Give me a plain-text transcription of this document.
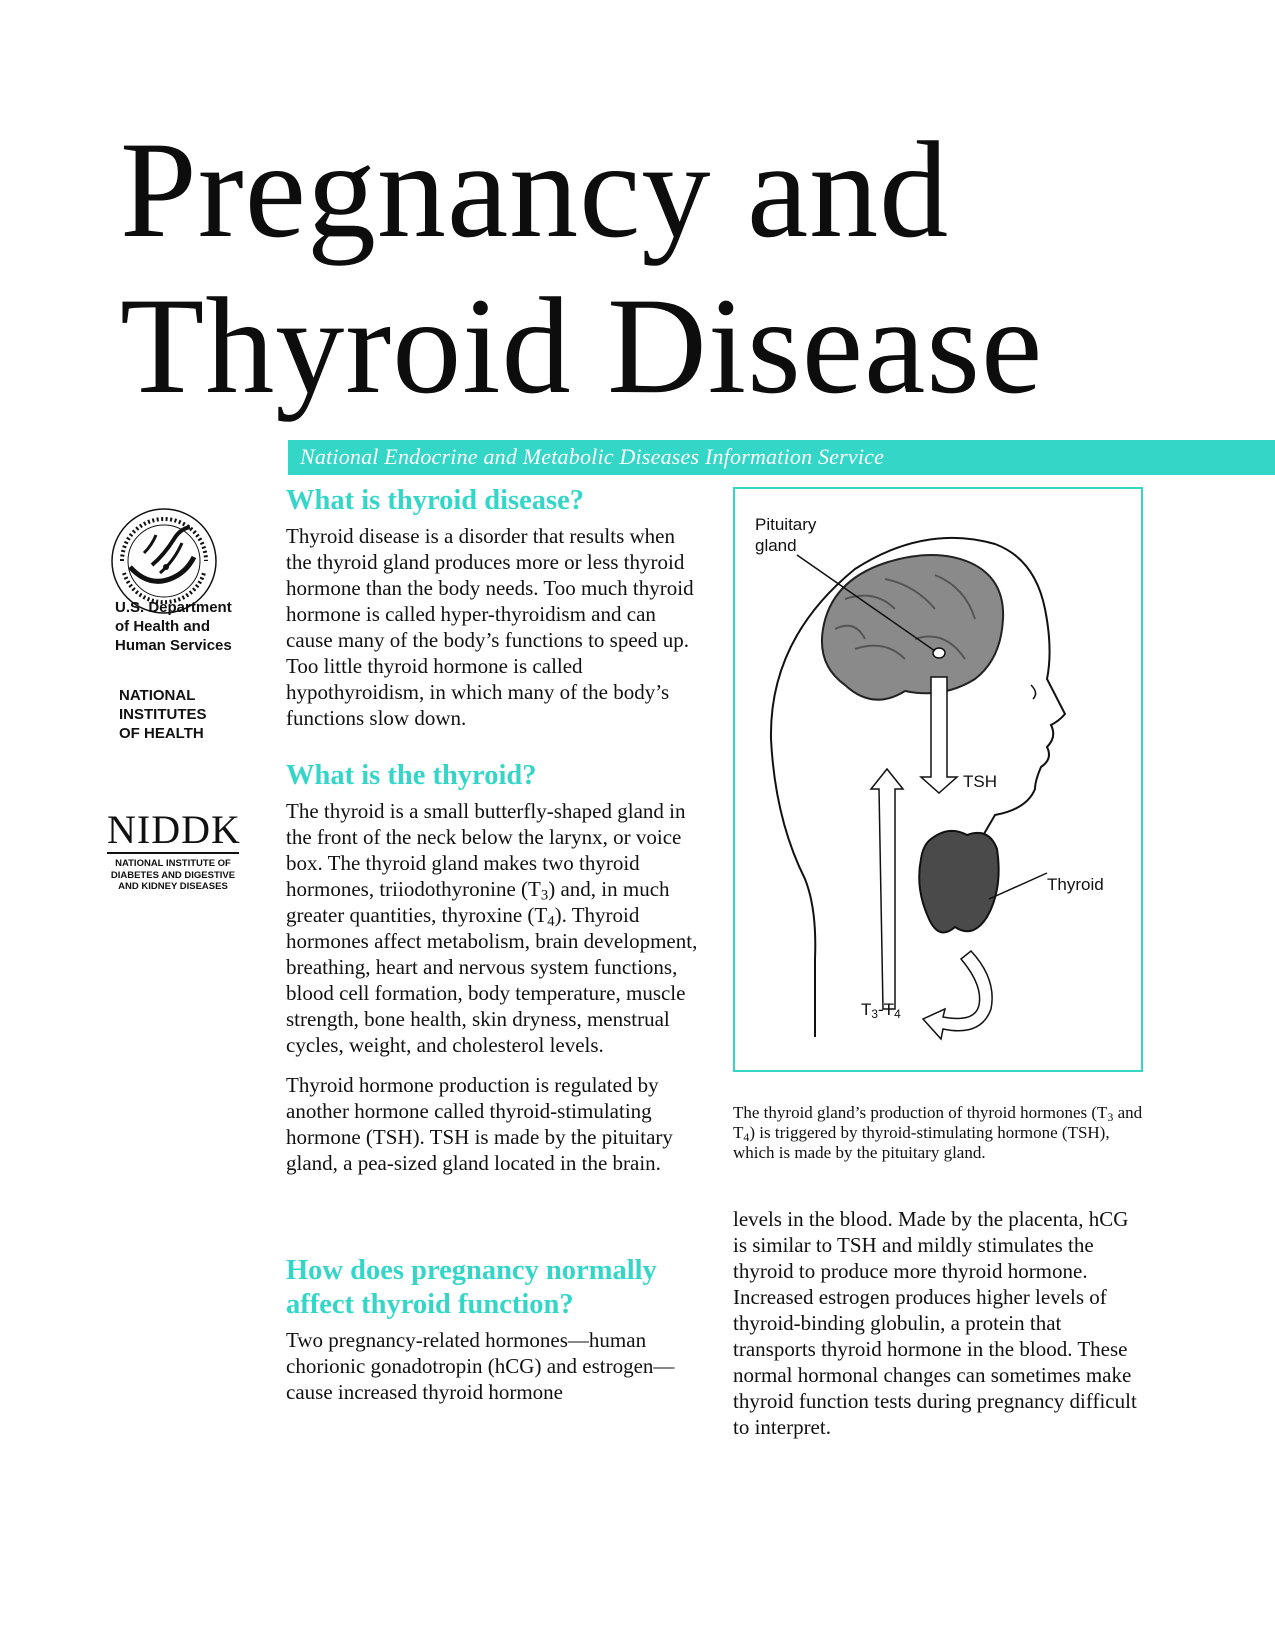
Pregnancy and
Thyroid Disease
National Endocrine and Metabolic Diseases Information Service

U.S. Department
of Health and
Human Services

NATIONAL
INSTITUTES
OF HEALTH

NIDDK
NATIONAL INSTITUTE OF
DIABETES AND DIGESTIVE
AND KIDNEY DISEASES
What is thyroid disease?

Thyroid disease is a disorder that results when the thyroid gland produces more or less thyroid hormone than the body needs. Too much thyroid hormone is called hyper-thyroidism and can cause many of the body’s functions to speed up. Too little thyroid hormone is called hypothyroidism, in which many of the body’s functions slow down.

What is the thyroid?

The thyroid is a small butterfly-shaped gland in the front of the neck below the larynx, or voice box. The thyroid gland makes two thyroid hormones, triiodothyronine $(T_3)$ and, in much greater quantities, thyroxine $(T_4)$. Thyroid hormones affect metabolism, brain development, breathing, heart and nervous system functions, blood cell formation, body temperature, muscle strength, bone health, skin dryness, menstrual cycles, weight, and cholesterol levels.

Thyroid hormone production is regulated by another hormone called thyroid-stimulating hormone (TSH). TSH is made by the pituitary gland, a pea-sized gland located in the brain.

How does pregnancy normally affect thyroid function?

Two pregnancy-related hormones—human chorionic gonadotropin (hCG) and estrogen—cause increased thyroid hormone

levels in the blood. Made by the placenta, hCG is similar to TSH and mildly stimulates the thyroid to produce more thyroid hormone. Increased estrogen produces higher levels of thyroid-binding globulin, a protein that transports thyroid hormone in the blood. These normal hormonal changes can sometimes make thyroid function tests during pregnancy difficult to interpret.

Pituitary
gland
TSH
Thyroid
$T_3-T_4$

The thyroid gland’s production of thyroid hormones ($T_3$ and $T_4$) is triggered by thyroid-stimulating hormone (TSH), which is made by the pituitary gland.
